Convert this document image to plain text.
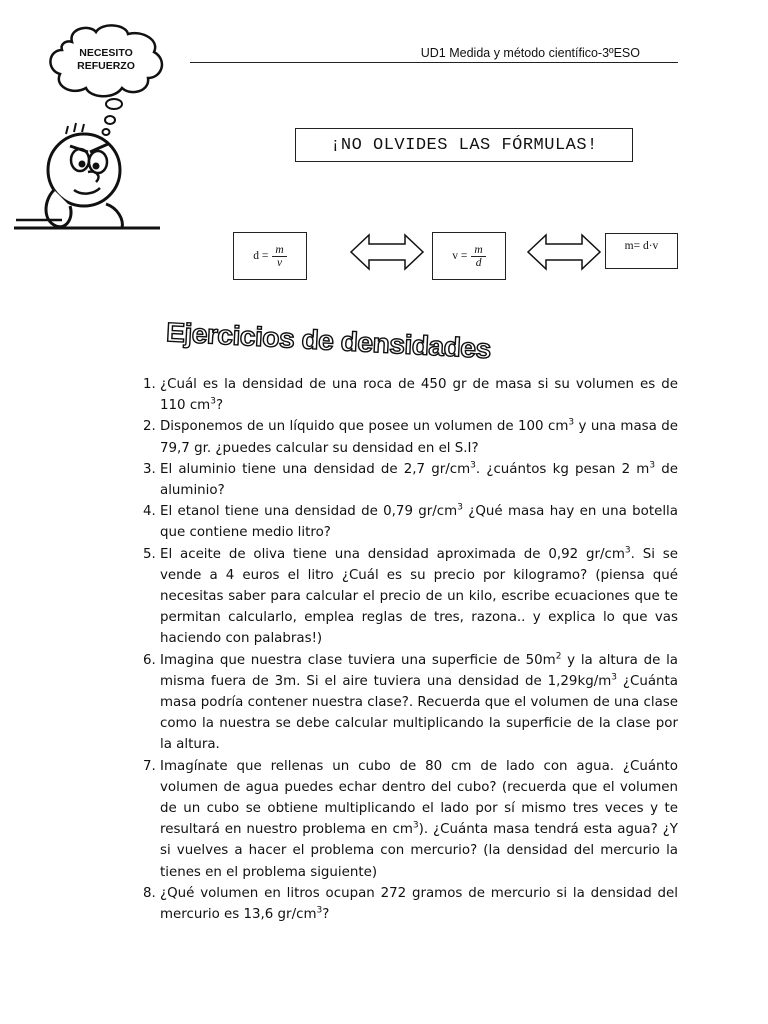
NECESITO
REFUERZO
UD1 Medida y método científico-3ºESO
¡NO OLVIDES LAS FÓRMULAS!
$d = \frac{m}{v}$	$v = \frac{m}{d}$	m= d·v
Ejercicios de densidades
1. ¿Cuál es la densidad de una roca de 450 gr de masa si su volumen es de 110 $cm^3$?
2. Disponemos de un líquido que posee un volumen de 100 $cm^3$ y una masa de 79,7 gr. ¿puedes calcular su densidad en el S.I?
3. El aluminio tiene una densidad de 2,7 $gr/cm^3$. ¿cuántos kg pesan 2 $m^3$ de aluminio?
4. El etanol tiene una densidad de 0,79 $gr/cm^3$ ¿Qué masa hay en una botella que contiene medio litro?
5. El aceite de oliva tiene una densidad aproximada de 0,92 $gr/cm^3$. Si se vende a 4 euros el litro ¿Cuál es su precio por kilogramo? (piensa qué necesitas saber para calcular el precio de un kilo, escribe ecuaciones que te permitan calcularlo, emplea reglas de tres, razona.. y explica lo que vas haciendo con palabras!)
6. Imagina que nuestra clase tuviera una superficie de $50m^2$ y la altura de la misma fuera de 3m. Si el aire tuviera una densidad de $1,29kg/m^3$ ¿Cuánta masa podría contener nuestra clase?. Recuerda que el volumen de una clase como la nuestra se debe calcular multiplicando la superficie de la clase por la altura.
7. Imagínate que rellenas un cubo de 80 cm de lado con agua. ¿Cuánto volumen de agua puedes echar dentro del cubo? (recuerda que el volumen de un cubo se obtiene multiplicando el lado por sí mismo tres veces y te resultará en nuestro problema en $cm^3$). ¿Cuánta masa tendrá esta agua? ¿Y si vuelves a hacer el problema con mercurio? (la densidad del mercurio la tienes en el problema siguiente)
8. ¿Qué volumen en litros ocupan 272 gramos de mercurio si la densidad del mercurio es 13,6 $gr/cm^3$?
